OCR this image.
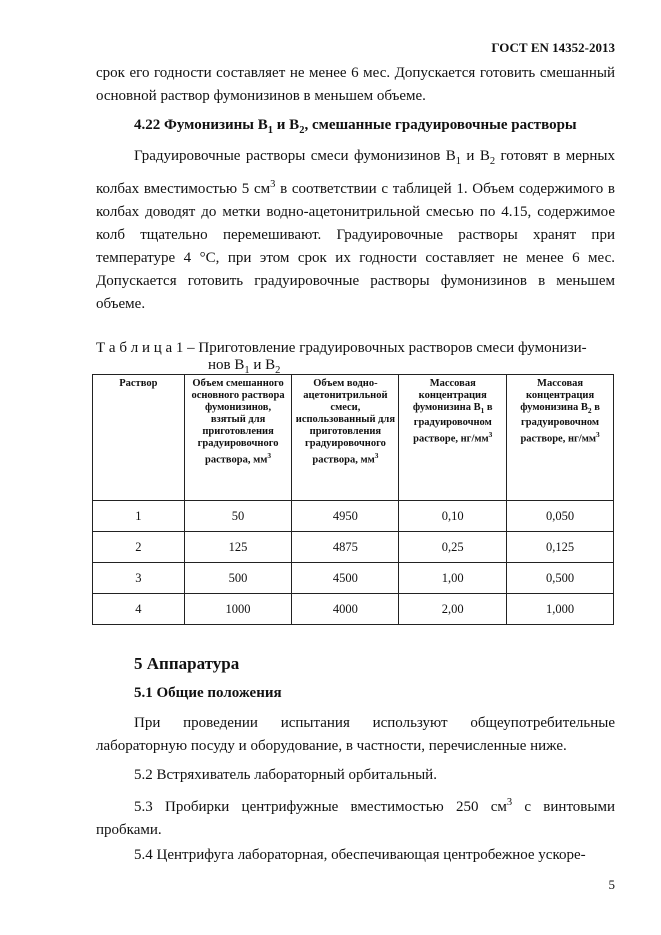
ГОСТ EN 14352-2013
срок его годности составляет не менее 6 мес. Допускается готовить смешанный основной раствор фумонизинов в меньшем объеме.
4.22 Фумонизины $B_1$ и $B_2$, смешанные градуировочные растворы
Градуировочные растворы смеси фумонизинов $B_1$ и $B_2$ готовят в мерных колбах вместимостью 5 $см^3$ в соответствии с таблицей 1. Объем содержимого в колбах доводят до метки водно-ацетонитрильной смесью по 4.15, содержимое колб тщательно перемешивают. Градуировочные растворы хранят при температуре 4 °С, при этом срок их годности составляет не менее 6 мес. Допускается готовить градуировочные растворы фумонизинов в меньшем объеме.
Т а б л и ц а 1 – Приготовление градуировочных растворов смеси фумонизи-
нов $B_1$ и $B_2$
Раствор	Объем смешанного основного раствора фумонизинов, взятый для приготовления градуировочного раствора, $мм^3$	Объем водно-ацетонитрильной смеси, использованный для приготовления градуировочного раствора, $мм^3$	Массовая концентрация фумонизина $B_1$ в градуировочном растворе, $нг/мм^3$	Массовая концентрация фумонизина $B_2$ в градуировочном растворе, $нг/мм^3$
1	50	4950	0,10	0,050
2	125	4875	0,25	0,125
3	500	4500	1,00	0,500
4	1000	4000	2,00	1,000
5 Аппаратура
5.1 Общие положения
При проведении испытания используют общеупотребительные лабораторную посуду и оборудование, в частности, перечисленные ниже.
5.2 Встряхиватель лабораторный орбитальный.
5.3 Пробирки центрифужные вместимостью 250 $см^3$ с винтовыми пробками.
5.4 Центрифуга лабораторная, обеспечивающая центробежное ускоре-
5
